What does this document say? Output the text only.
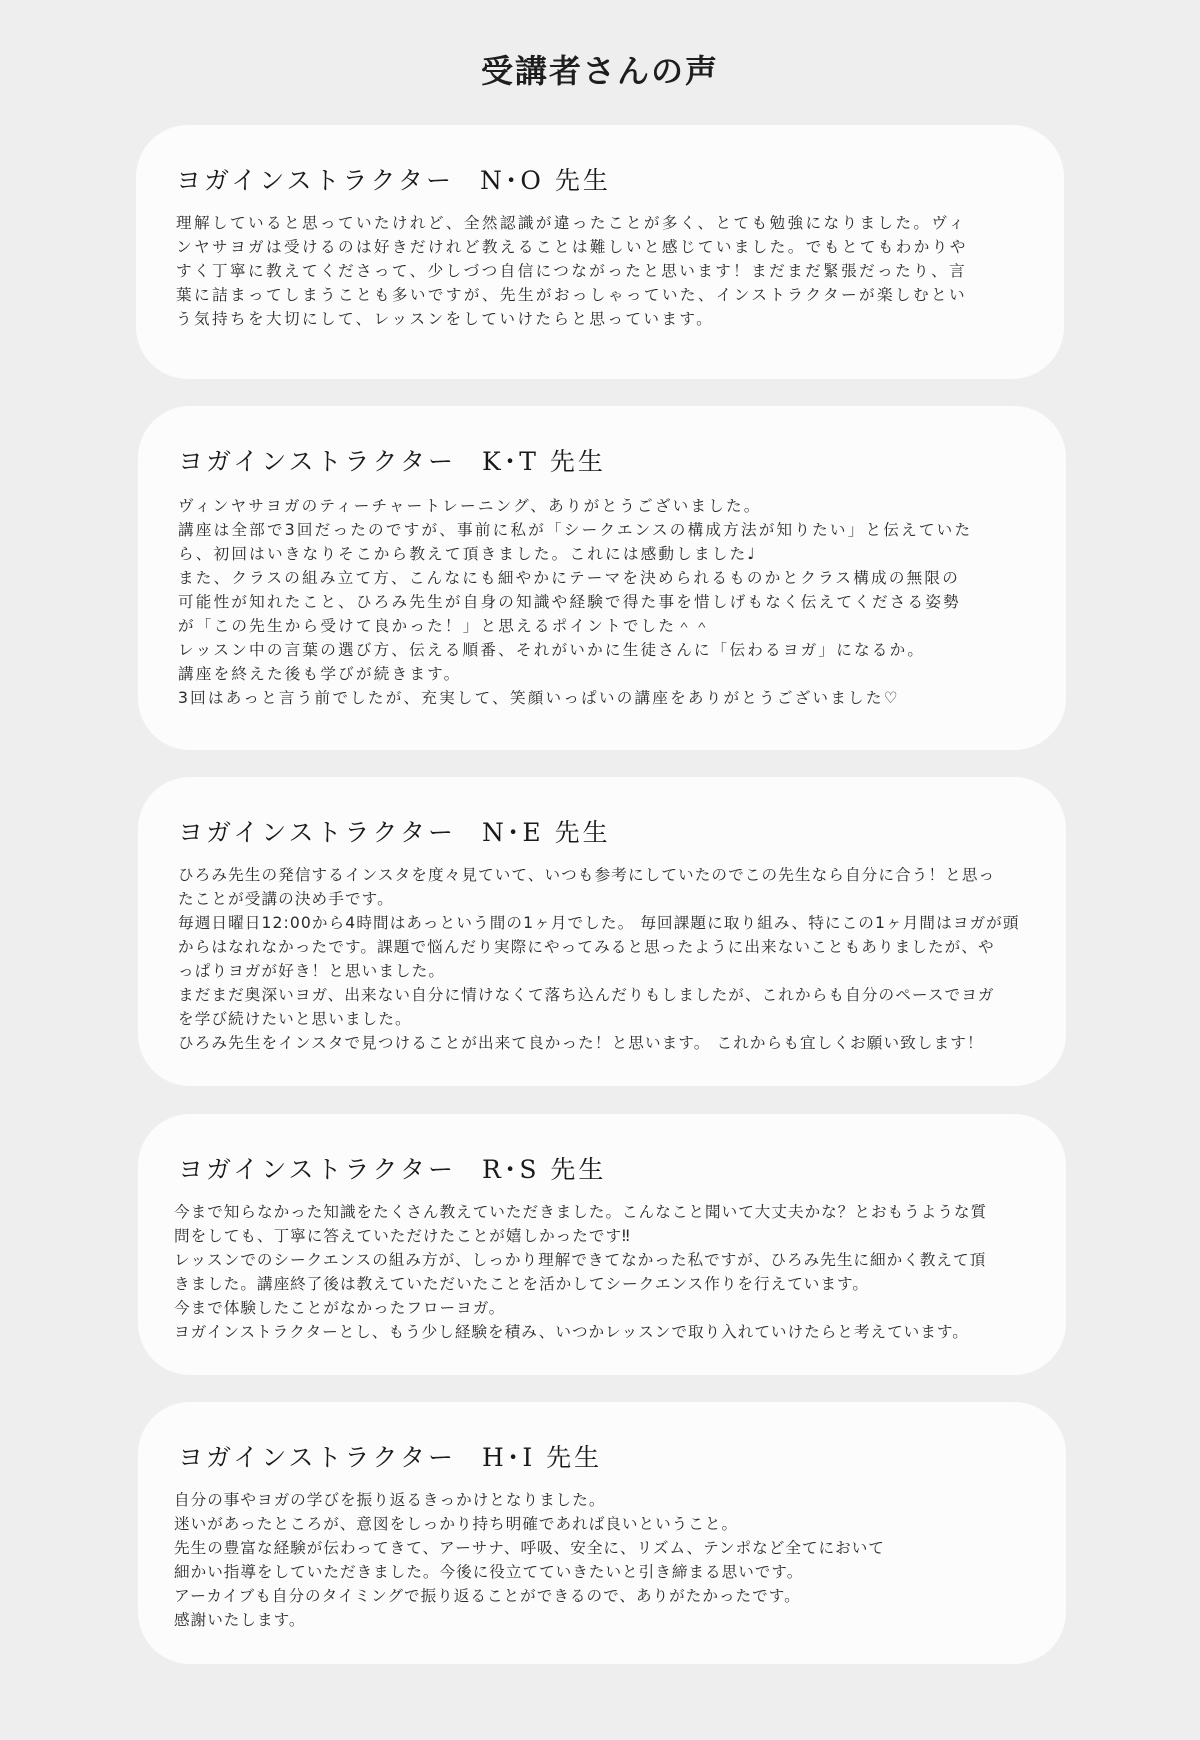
受講者さんの声
ヨガインストラクター N･O 先生
理解していると思っていたけれど、全然認識が違ったことが多く、とても勉強になりました。ヴィ
ンヤサヨガは受けるのは好きだけれど教えることは難しいと感じていました。でもとてもわかりや
すく丁寧に教えてくださって、少しづつ自信につながったと思います！まだまだ緊張だったり、言
葉に詰まってしまうことも多いですが、先生がおっしゃっていた、インストラクターが楽しむとい
う気持ちを大切にして、レッスンをしていけたらと思っています。
ヨガインストラクター K･T 先生
ヴィンヤサヨガのティーチャートレーニング、ありがとうございました。
講座は全部で3回だったのですが、事前に私が「シークエンスの構成方法が知りたい」と伝えていた
ら、初回はいきなりそこから教えて頂きました。これには感動しました♩
また、クラスの組み立て方、こんなにも細やかにテーマを決められるものかとクラス構成の無限の
可能性が知れたこと、ひろみ先生が自身の知識や経験で得た事を惜しげもなく伝えてくださる姿勢
が「この先生から受けて良かった！」と思えるポイントでした＾＾
レッスン中の言葉の選び方、伝える順番、それがいかに生徒さんに「伝わるヨガ」になるか。
講座を終えた後も学びが続きます。
3回はあっと言う前でしたが、充実して、笑顔いっぱいの講座をありがとうございました♡
ヨガインストラクター N･E 先生
ひろみ先生の発信するインスタを度々見ていて、いつも参考にしていたのでこの先生なら自分に合う！と思っ
たことが受講の決め手です。
毎週日曜日12:00から4時間はあっという間の1ヶ月でした。 毎回課題に取り組み、特にこの1ヶ月間はヨガが頭
からはなれなかったです。課題で悩んだり実際にやってみると思ったように出来ないこともありましたが、や
っぱりヨガが好き！と思いました。
まだまだ奥深いヨガ、出来ない自分に情けなくて落ち込んだりもしましたが、これからも自分のペースでヨガ
を学び続けたいと思いました。
ひろみ先生をインスタで見つけることが出来て良かった！と思います。 これからも宜しくお願い致します！
ヨガインストラクター R･S 先生
今まで知らなかった知識をたくさん教えていただきました。こんなこと聞いて大丈夫かな？とおもうような質
問をしても、丁寧に答えていただけたことが嬉しかったです‼
レッスンでのシークエンスの組み方が、しっかり理解できてなかった私ですが、ひろみ先生に細かく教えて頂
きました。講座終了後は教えていただいたことを活かしてシークエンス作りを行えています。
今まで体験したことがなかったフローヨガ。
ヨガインストラクターとし、もう少し経験を積み、いつかレッスンで取り入れていけたらと考えています。
ヨガインストラクター H･I 先生
自分の事やヨガの学びを振り返るきっかけとなりました。
迷いがあったところが、意図をしっかり持ち明確であれば良いということ。
先生の豊富な経験が伝わってきて、アーサナ、呼吸、安全に、リズム、テンポなど全てにおいて
細かい指導をしていただきました。今後に役立てていきたいと引き締まる思いです。
アーカイブも自分のタイミングで振り返ることができるので、ありがたかったです。
感謝いたします。
